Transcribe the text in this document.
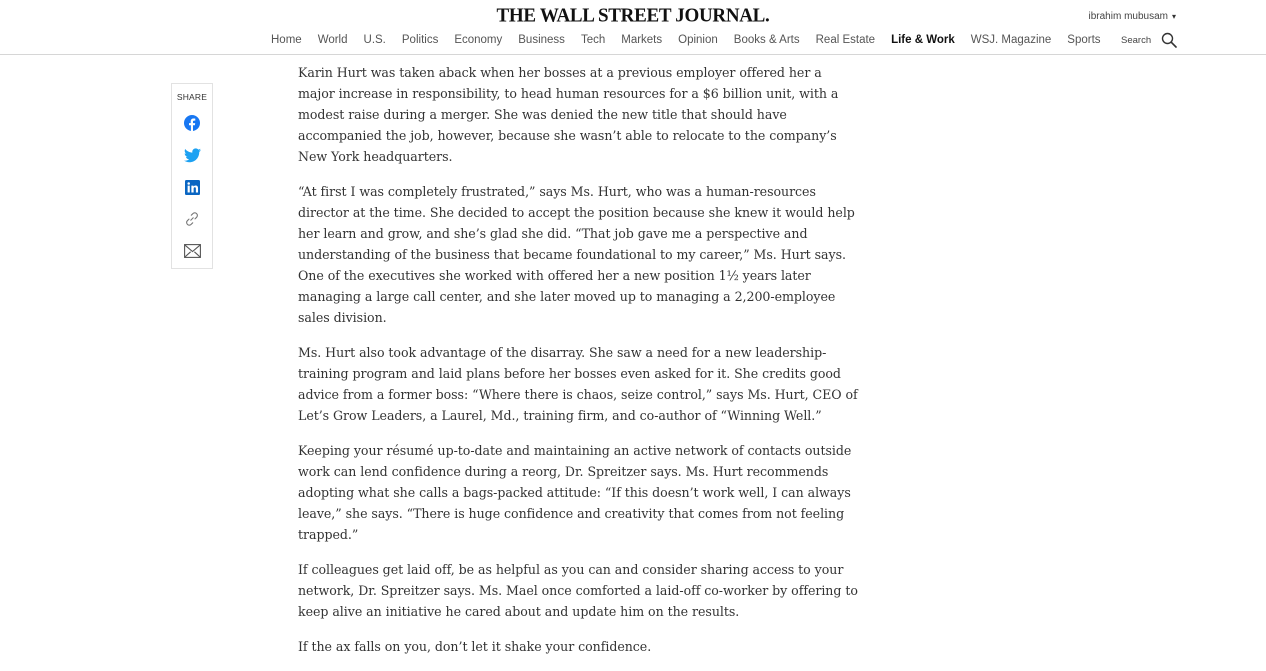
THE WALL STREET JOURNAL.	ibrahim mubusam ▾
Home	World	U.S.	Politics	Economy	Business	Tech	Markets	Opinion	Books & Arts	Real Estate	Life & Work	WSJ. Magazine	Sports	Search
SHARE

Karin Hurt was taken aback when her bosses at a previous employer offered her a major increase in responsibility, to head human resources for a $6 billion unit, with a modest raise during a merger. She was denied the new title that should have accompanied the job, however, because she wasn’t able to relocate to the company’s New York headquarters.

“At first I was completely frustrated,” says Ms. Hurt, who was a human-resources director at the time. She decided to accept the position because she knew it would help her learn and grow, and she’s glad she did. “That job gave me a perspective and understanding of the business that became foundational to my career,” Ms. Hurt says. One of the executives she worked with offered her a new position 1½ years later managing a large call center, and she later moved up to managing a 2,200-employee sales division.

Ms. Hurt also took advantage of the disarray. She saw a need for a new leadership-training program and laid plans before her bosses even asked for it. She credits good advice from a former boss: “Where there is chaos, seize control,” says Ms. Hurt, CEO of Let’s Grow Leaders, a Laurel, Md., training firm, and co-author of “Winning Well.”

Keeping your résumé up-to-date and maintaining an active network of contacts outside work can lend confidence during a reorg, Dr. Spreitzer says. Ms. Hurt recommends adopting what she calls a bags-packed attitude: “If this doesn’t work well, I can always leave,” she says. “There is huge confidence and creativity that comes from not feeling trapped.”

If colleagues get laid off, be as helpful as you can and consider sharing access to your network, Dr. Spreitzer says. Ms. Mael once comforted a laid-off co-worker by offering to keep alive an initiative he cared about and update him on the results.

If the ax falls on you, don’t let it shake your confidence.
